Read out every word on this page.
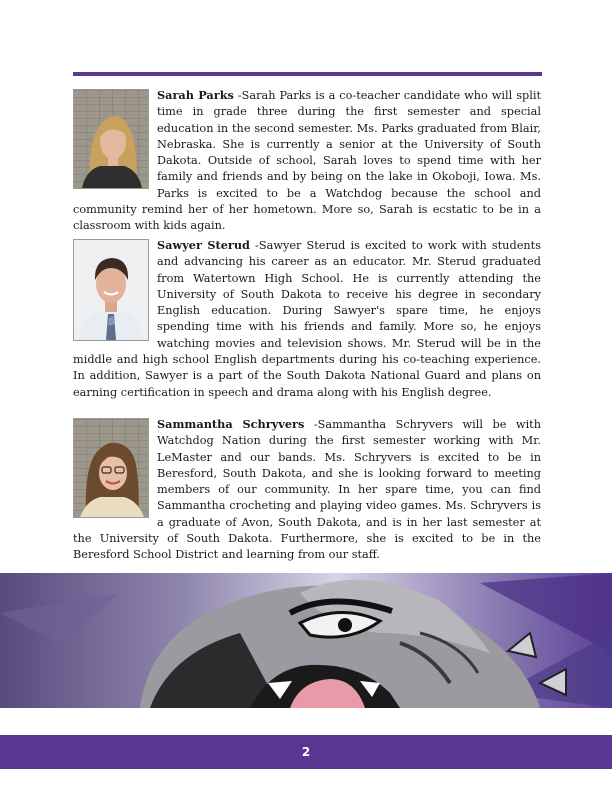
Sarah Parks -Sarah Parks is a co-teacher candidate who will split time in grade three during the first semester and special education in the second semester. Ms. Parks graduated from Blair, Nebraska. She is currently a senior at the University of South Dakota. Outside of school, Sarah loves to spend time with her family and friends and by being on the lake in Okoboji, Iowa. Ms. Parks is excited to be a Watchdog because the school and community remind her of her hometown. More so, Sarah is ecstatic to be in a classroom with kids again.
Sawyer Sterud -Sawyer Sterud is excited to work with students and advancing his career as an educator. Mr. Sterud graduated from Watertown High School. He is currently attending the University of South Dakota to receive his degree in secondary English education. During Sawyer's spare time, he enjoys spending time with his friends and family. More so, he enjoys watching movies and television shows. Mr. Sterud will be in the middle and high school English departments during his co-teaching experience. In addition, Sawyer is a part of the South Dakota National Guard and plans on earning certification in speech and drama along with his English degree.
Sammantha Schryvers -Sammantha Schryvers will be with Watchdog Nation during the first semester working with Mr. LeMaster and our bands. Ms. Schryvers is excited to be in Beresford, South Dakota, and she is looking forward to meeting members of our community. In her spare time, you can find Sammantha crocheting and playing video games. Ms. Schryvers is a graduate of Avon, South Dakota, and is in her last semester at the University of South Dakota. Furthermore, she is excited to be in the Beresford School District and learning from our staff.
2
